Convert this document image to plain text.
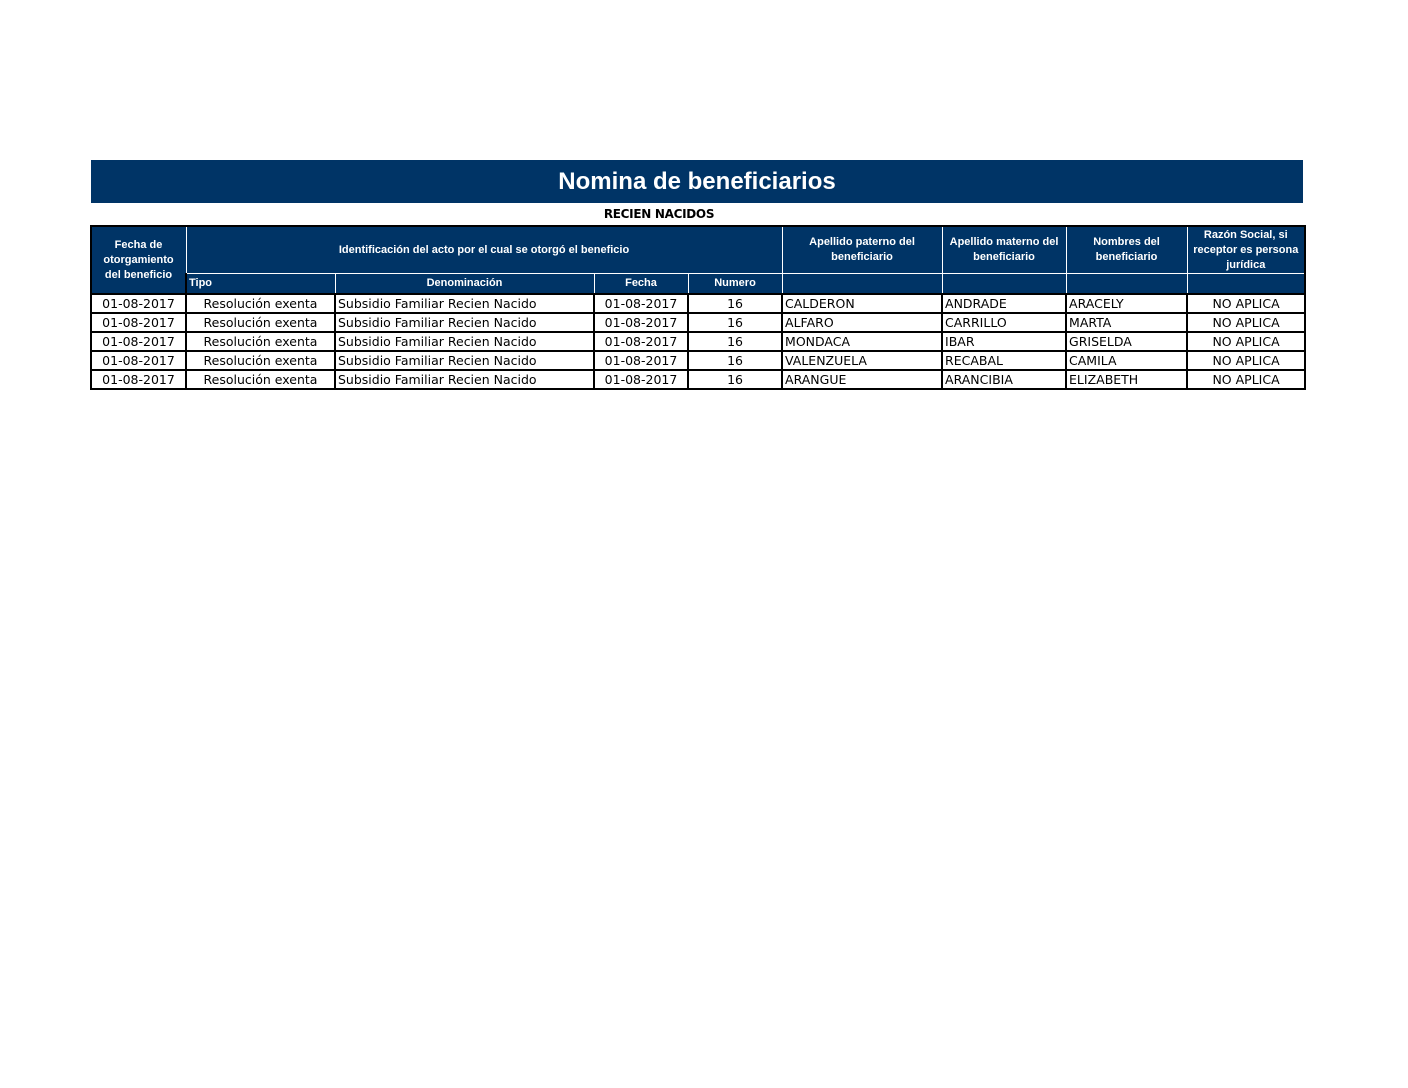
Nomina de beneficiarios
RECIEN NACIDOS
Fecha de otorgamiento del beneficio	Identificación del acto por el cual se otorgó el beneficio				Apellido paterno del beneficiario	Apellido materno del beneficiario	Nombres del beneficiario	Razón Social, si receptor es persona jurídica
	Tipo	Denominación	Fecha	Numero				
01-08-2017	Resolución exenta	Subsidio Familiar Recien Nacido	01-08-2017	16	CALDERON	ANDRADE	ARACELY	NO APLICA
01-08-2017	Resolución exenta	Subsidio Familiar Recien Nacido	01-08-2017	16	ALFARO	CARRILLO	MARTA	NO APLICA
01-08-2017	Resolución exenta	Subsidio Familiar Recien Nacido	01-08-2017	16	MONDACA	IBAR	GRISELDA	NO APLICA
01-08-2017	Resolución exenta	Subsidio Familiar Recien Nacido	01-08-2017	16	VALENZUELA	RECABAL	CAMILA	NO APLICA
01-08-2017	Resolución exenta	Subsidio Familiar Recien Nacido	01-08-2017	16	ARANGUE	ARANCIBIA	ELIZABETH	NO APLICA
